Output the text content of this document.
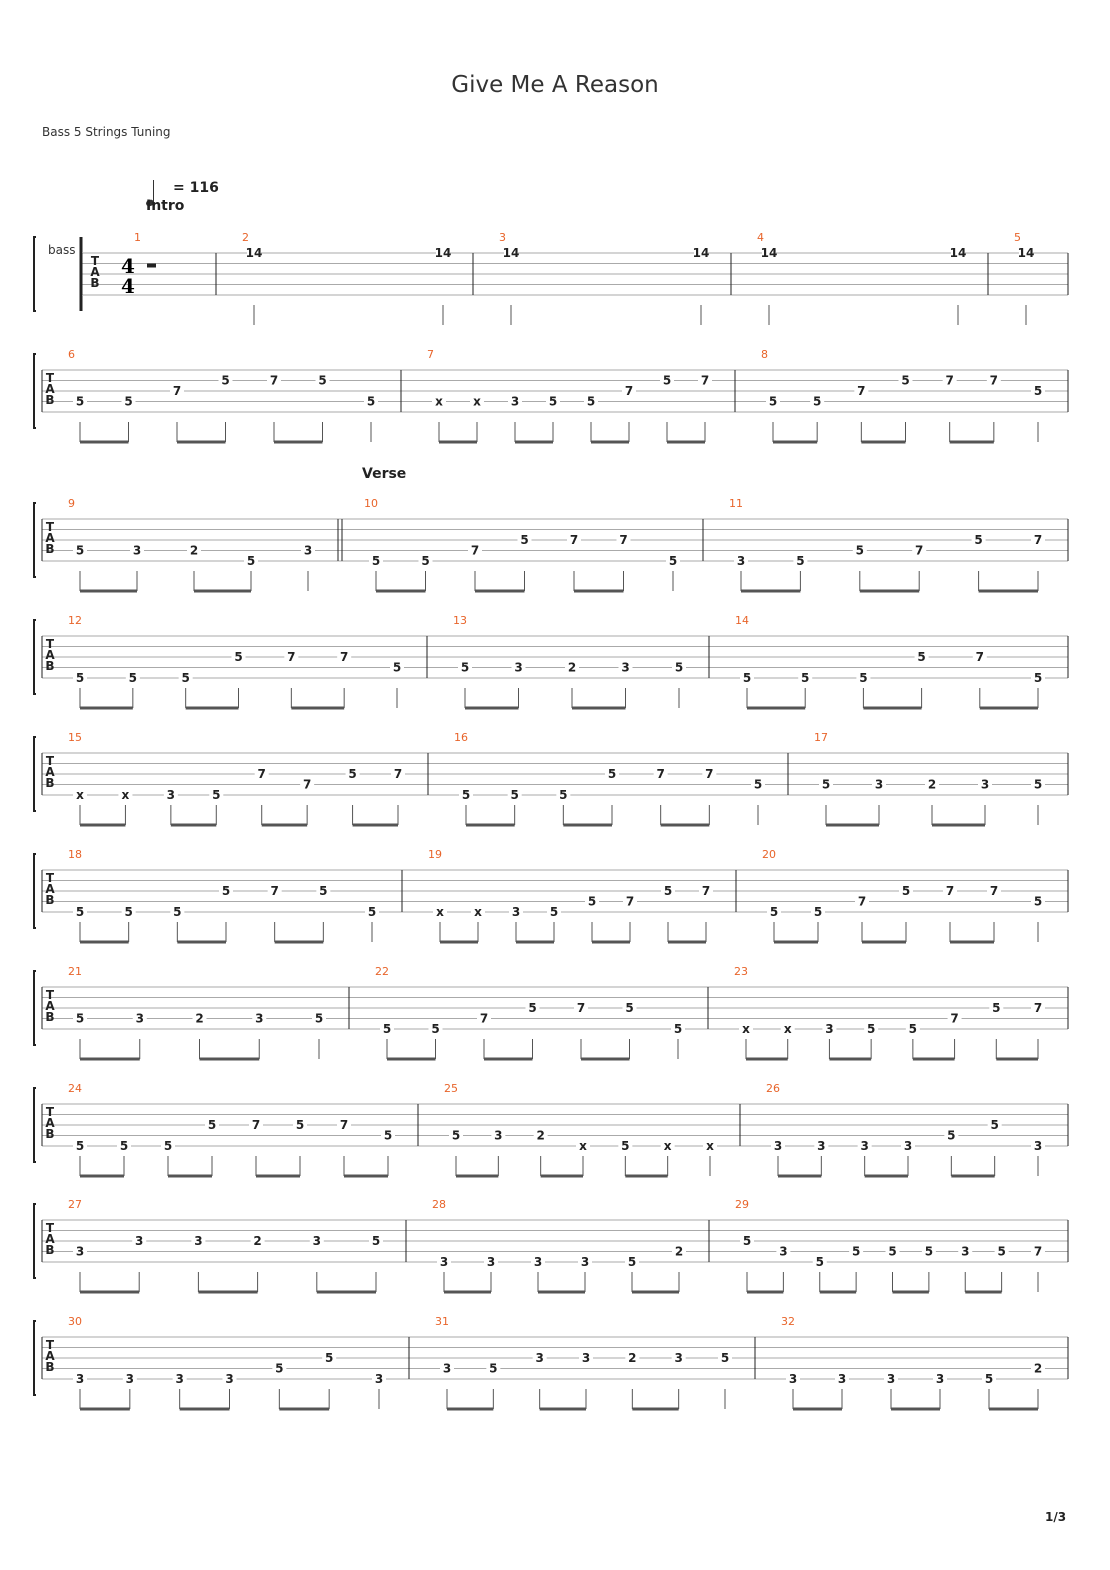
Give Me A Reason
Bass 5 Strings Tuning
= 116
Intro
Verse
bass
1/3
T
A
B
4
4
1	2
14	14
3
14	14
4
14	14
5
14
T
A
B
6
5	5
7
5	7	5
5
7
x	x 3 5 5
7
5 7
8
5	5
7
5	7	7
5
T
A
B
9
5	3	2
5
3
10
5	5
7
5	7	7
5
11
3	5
5	7
5	7
T
A
B
12
5	5	5
5	7	7
5
13
5	3	2	3	5
14
5	5	5
5	7
5
T
A
B
15
x	x	3	5
7
7
5	7
16
5	5	5
5	7	7
5
17
5	3	2	3	5
T
A
B
18
5	5	5
5	7	5
5
19
x	x 3 5
5 7
5 7
20
5	5
7
5	7	7
5
T
A
B
21
5	3	2	3	5
22
5	5
7
5	7	5
5
23
x	x	3	5	5
7
5	7
T
A
B
24
5	5	5
5	7	5	7
5
25
5	3	2
x	5	x	x
26
3	3	3	3
5
5
3
T
A
B
27
3
3	3	2	3	5
28
3	3	3	3	5
2
29
5
3
5
5 5 5 3 5 7
T
A
B
30
3	3	3	3
5
5
3
31
3	5
3	3	2	3	5
32
3	3	3	3	5
2
